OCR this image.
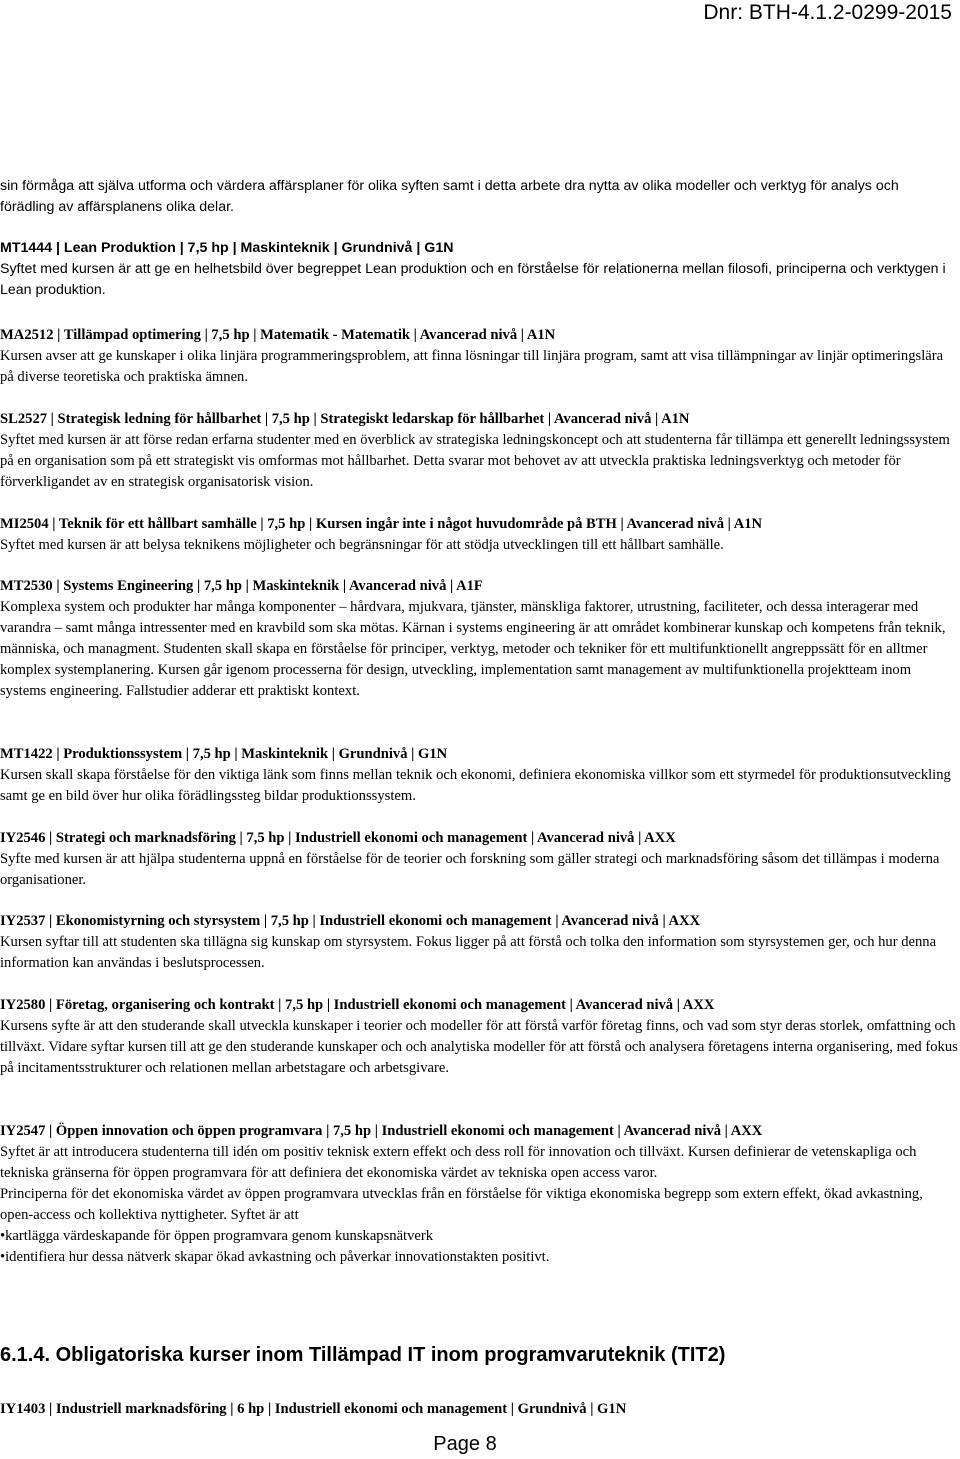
Dnr: BTH-4.1.2-0299-2015
sin förmåga att själva utforma och värdera affärsplaner för olika syften samt i detta arbete dra nytta av olika modeller och verktyg för analys och förädling av affärsplanens olika delar.
MT1444 | Lean Produktion | 7,5 hp | Maskinteknik | Grundnivå | G1N

Syftet med kursen är att ge en helhetsbild över begreppet Lean produktion och en förståelse för relationerna mellan filosofi, principerna och verktygen i Lean produktion.

MA2512 | Tillämpad optimering | 7,5 hp | Matematik - Matematik | Avancerad nivå | A1N

Kursen avser att ge kunskaper i olika linjära programmeringsproblem, att finna lösningar till linjära program, samt att visa tillämpningar av linjär optimeringslära på diverse teoretiska och praktiska ämnen.

SL2527 | Strategisk ledning för hållbarhet | 7,5 hp | Strategiskt ledarskap för hållbarhet | Avancerad nivå | A1N

Syftet med kursen är att förse redan erfarna studenter med en överblick av strategiska ledningskoncept och att studenterna får tillämpa ett generellt ledningssystem på en organisation som på ett strategiskt vis omformas mot hållbarhet. Detta svarar mot behovet av att utveckla praktiska ledningsverktyg och metoder för förverkligandet av en strategisk organisatorisk vision.

MI2504 | Teknik för ett hållbart samhälle | 7,5 hp | Kursen ingår inte i något huvudområde på BTH | Avancerad nivå | A1N

Syftet med kursen är att belysa teknikens möjligheter och begränsningar för att stödja utvecklingen till ett hållbart samhälle.

MT2530 | Systems Engineering | 7,5 hp | Maskinteknik | Avancerad nivå | A1F

Komplexa system och produkter har många komponenter – hårdvara, mjukvara, tjänster, mänskliga faktorer, utrustning, faciliteter, och dessa interagerar med varandra – samt många intressenter med en kravbild som ska mötas. Kärnan i systems engineering är att området kombinerar kunskap och kompetens från teknik, människa, och managment. Studenten skall skapa en förståelse för principer, verktyg, metoder och tekniker för ett multifunktionellt angreppssätt för en alltmer komplex systemplanering. Kursen går igenom processerna för design, utveckling, implementation samt management av multifunktionella projektteam inom systems engineering. Fallstudier adderar ett praktiskt kontext.

MT1422 | Produktionssystem | 7,5 hp | Maskinteknik | Grundnivå | G1N

Kursen skall skapa förståelse för den viktiga länk som finns mellan teknik och ekonomi, definiera ekonomiska villkor som ett styrmedel för produktionsutveckling samt ge en bild över hur olika förädlingssteg bildar produktionssystem.

IY2546 | Strategi och marknadsföring | 7,5 hp | Industriell ekonomi och management | Avancerad nivå | AXX

Syfte med kursen är att hjälpa studenterna uppnå en förståelse för de teorier och forskning som gäller strategi och marknadsföring såsom det tillämpas i moderna organisationer.

IY2537 | Ekonomistyrning och styrsystem | 7,5 hp | Industriell ekonomi och management | Avancerad nivå | AXX

Kursen syftar till att studenten ska tillägna sig kunskap om styrsystem. Fokus ligger på att förstå och tolka den information som styrsystemen ger, och hur denna information kan användas i beslutsprocessen.

IY2580 | Företag, organisering och kontrakt | 7,5 hp | Industriell ekonomi och management | Avancerad nivå | AXX

Kursens syfte är att den studerande skall utveckla kunskaper i teorier och modeller för att förstå varför företag finns, och vad som styr deras storlek, omfattning och tillväxt. Vidare syftar kursen till att ge den studerande kunskaper och och analytiska modeller för att förstå och analysera företagens interna organisering, med fokus på incitamentsstrukturer och relationen mellan arbetstagare och arbetsgivare.

IY2547 | Öppen innovation och öppen programvara | 7,5 hp | Industriell ekonomi och management | Avancerad nivå | AXX

Syftet är att introducera studenterna till idén om positiv teknisk extern effekt och dess roll för innovation och tillväxt. Kursen definierar de vetenskapliga och tekniska gränserna för öppen programvara för att definiera det ekonomiska värdet av tekniska open access varor.

Principerna för det ekonomiska värdet av öppen programvara utvecklas från en förståelse för viktiga ekonomiska begrepp som extern effekt, ökad avkastning, open-access och kollektiva nyttigheter. Syftet är att

• kartlägga värdeskapande för öppen programvara genom kunskapsnätverk
• identifiera hur dessa nätverk skapar ökad avkastning och påverkar innovationstakten positivt.
6.1.4. Obligatoriska kurser inom Tillämpad IT inom programvaruteknik (TIT2)
IY1403 | Industriell marknadsföring | 6 hp | Industriell ekonomi och management | Grundnivå | G1N
Page 8
